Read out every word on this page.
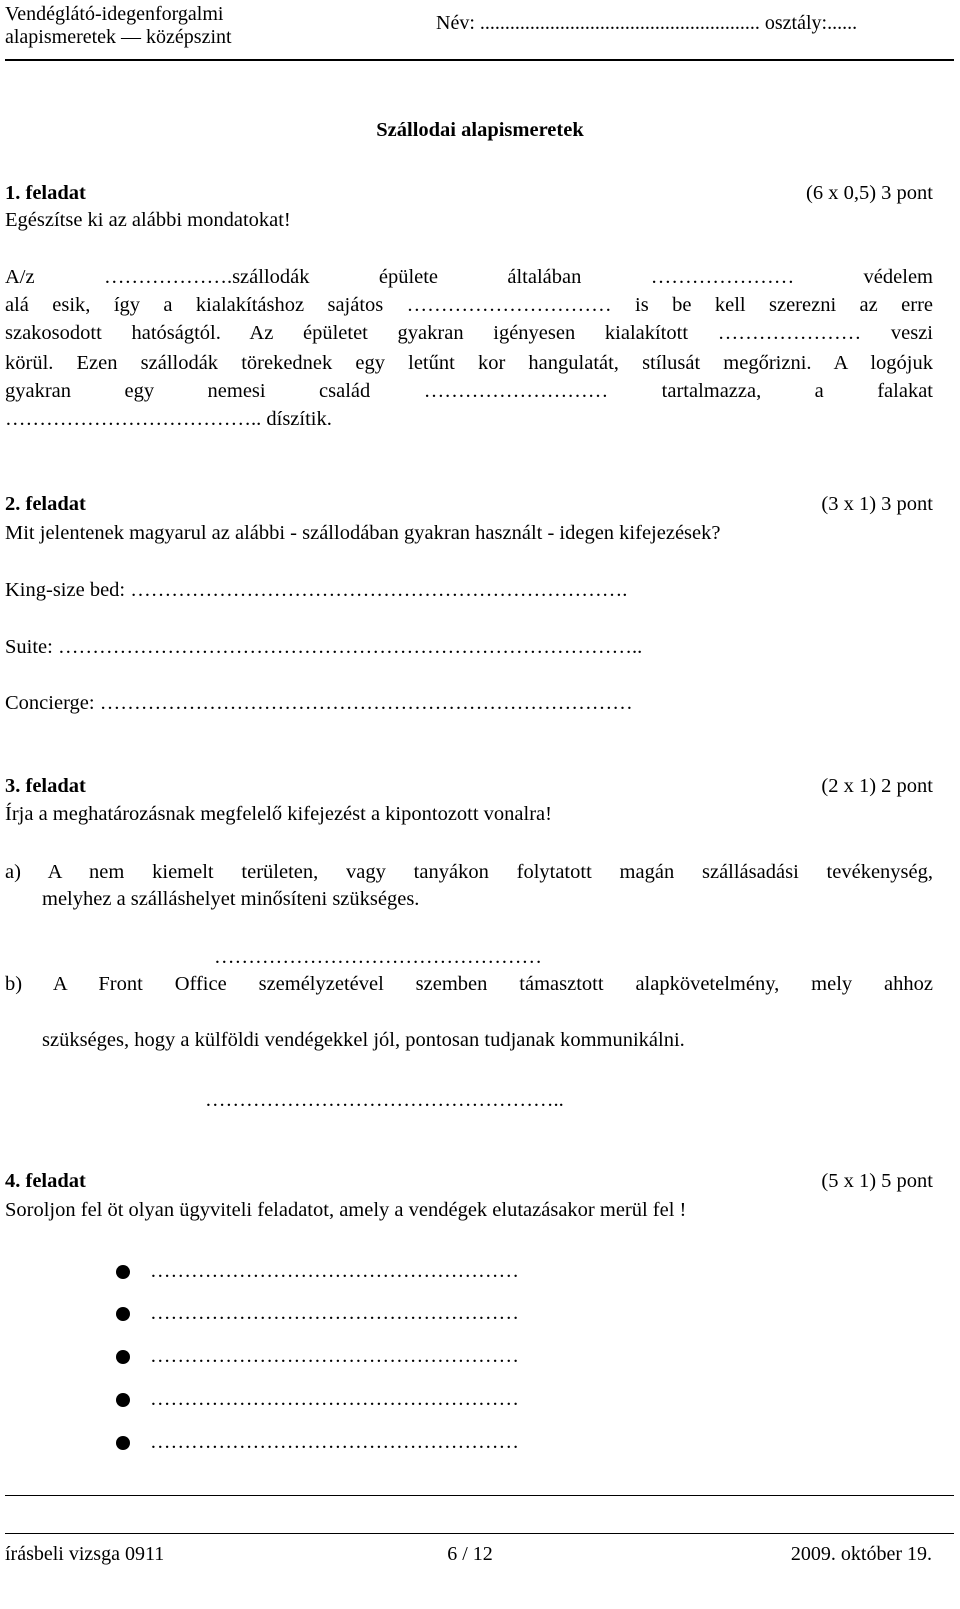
Vendéglátó-idegenforgalmi
alapismeretek — középszint
Név: ........................................................ osztály:......
Szállodai alapismeretek
1. feladat	(6 x 0,5) 3 pont
Egészítse ki az alábbi mondatokat!
A/z ……………….szállodák épülete általában ………………… védelem
alá esik, így a kialakításhoz sajátos ………………………… is be kell szerezni az erre
szakosodott hatóságtól. Az épületet gyakran igényesen kialakított ………………… veszi
körül. Ezen szállodák törekednek egy letűnt kor hangulatát, stílusát megőrizni. A logójuk
gyakran egy nemesi család ……………………… tartalmazza, a falakat
……………………………….. díszítik.
2. feladat	(3 x 1) 3 pont
Mit jelentenek magyarul az alábbi - szállodában gyakran használt - idegen kifejezések?
King-size bed: ……………………………………………………………….
Suite: …………………………………………………………………………..
Concierge: ……………………………………………………………………
3. feladat	(2 x 1) 2 pont
Írja a meghatározásnak megfelelő kifejezést a kipontozott vonalra!
a) A nem kiemelt területen, vagy tanyákon folytatott magán szállásadási tevékenység,
melyhez a szálláshelyet minősíteni szükséges.
…………………………………………
b) A Front Office személyzetével szemben támasztott alapkövetelmény, mely ahhoz
szükséges, hogy a külföldi vendégekkel jól, pontosan tudjanak kommunikálni.
……………………………………………..
4. feladat	(5 x 1) 5 pont
Soroljon fel öt olyan ügyviteli feladatot, amely a vendégek elutazásakor merül fel !
………………………………………………
………………………………………………
………………………………………………
………………………………………………
………………………………………………
írásbeli vizsga 0911	6 / 12	2009. október 19.
